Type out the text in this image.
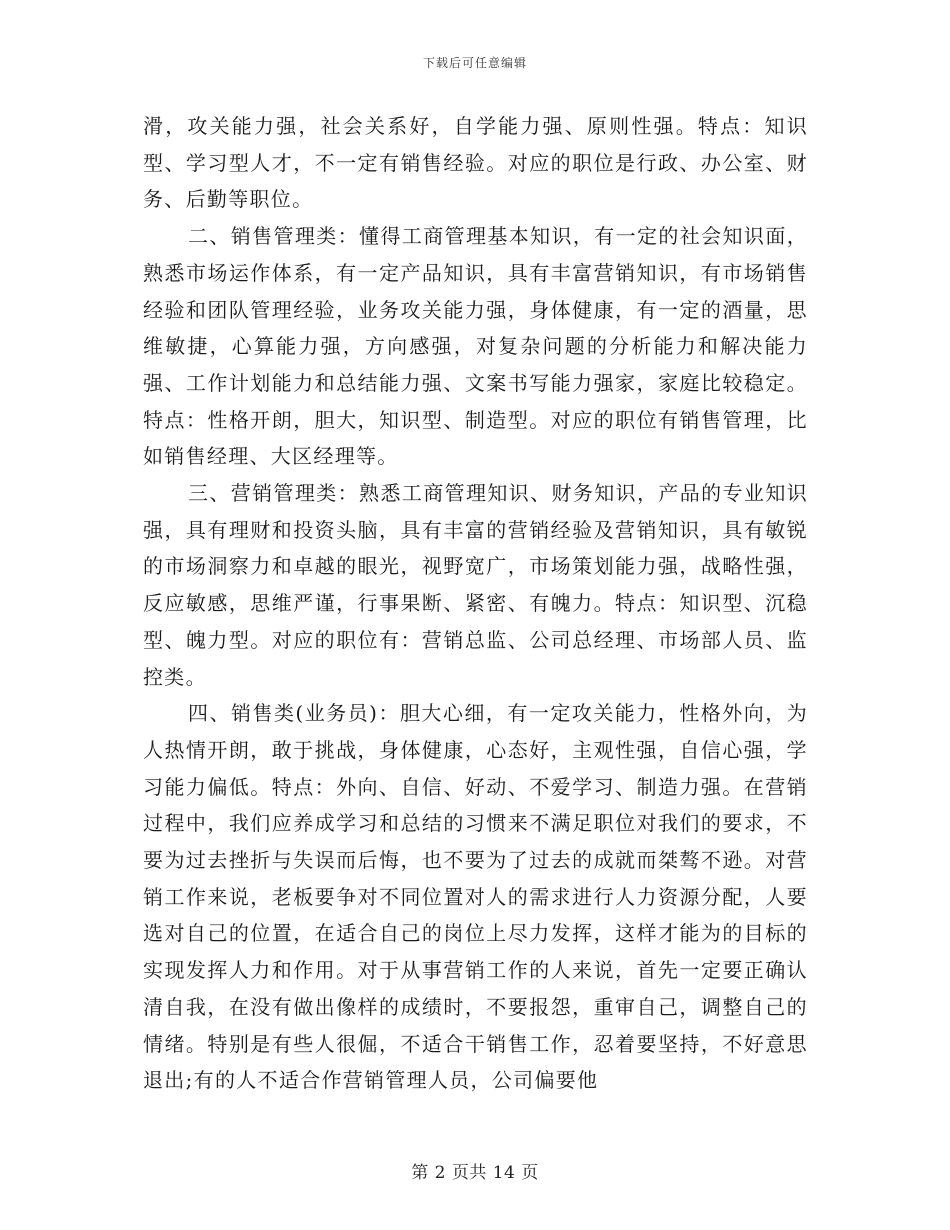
下载后可任意编辑

滑，攻关能力强，社会关系好，自学能力强、原则性强。特点：知识型、学习型人才，不一定有销售经验。对应的职位是行政、办公室、财务、后勤等职位。

二、销售管理类：懂得工商管理基本知识，有一定的社会知识面，熟悉市场运作体系，有一定产品知识，具有丰富营销知识，有市场销售经验和团队管理经验，业务攻关能力强，身体健康，有一定的酒量，思维敏捷，心算能力强，方向感强，对复杂问题的分析能力和解决能力强、工作计划能力和总结能力强、文案书写能力强家，家庭比较稳定。特点：性格开朗，胆大，知识型、制造型。对应的职位有销售管理，比如销售经理、大区经理等。

三、营销管理类：熟悉工商管理知识、财务知识，产品的专业知识强，具有理财和投资头脑，具有丰富的营销经验及营销知识，具有敏锐的市场洞察力和卓越的眼光，视野宽广，市场策划能力强，战略性强，反应敏感，思维严谨，行事果断、紧密、有魄力。特点：知识型、沉稳型、魄力型。对应的职位有：营销总监、公司总经理、市场部人员、监控类。

四、销售类(业务员)：胆大心细，有一定攻关能力，性格外向，为人热情开朗，敢于挑战，身体健康，心态好，主观性强，自信心强，学习能力偏低。特点：外向、自信、好动、不爱学习、制造力强。在营销过程中，我们应养成学习和总结的习惯来不满足职位对我们的要求，不要为过去挫折与失误而后悔，也不要为了过去的成就而桀骜不逊。对营销工作来说，老板要争对不同位置对人的需求进行人力资源分配，人要选对自己的位置，在适合自己的岗位上尽力发挥，这样才能为的目标的实现发挥人力和作用。对于从事营销工作的人来说，首先一定要正确认清自我，在没有做出像样的成绩时，不要报怨，重审自己，调整自己的情绪。特别是有些人很倔，不适合干销售工作，忍着要坚持，不好意思退出;有的人不适合作营销管理人员，公司偏要他

第 2 页共 14 页
